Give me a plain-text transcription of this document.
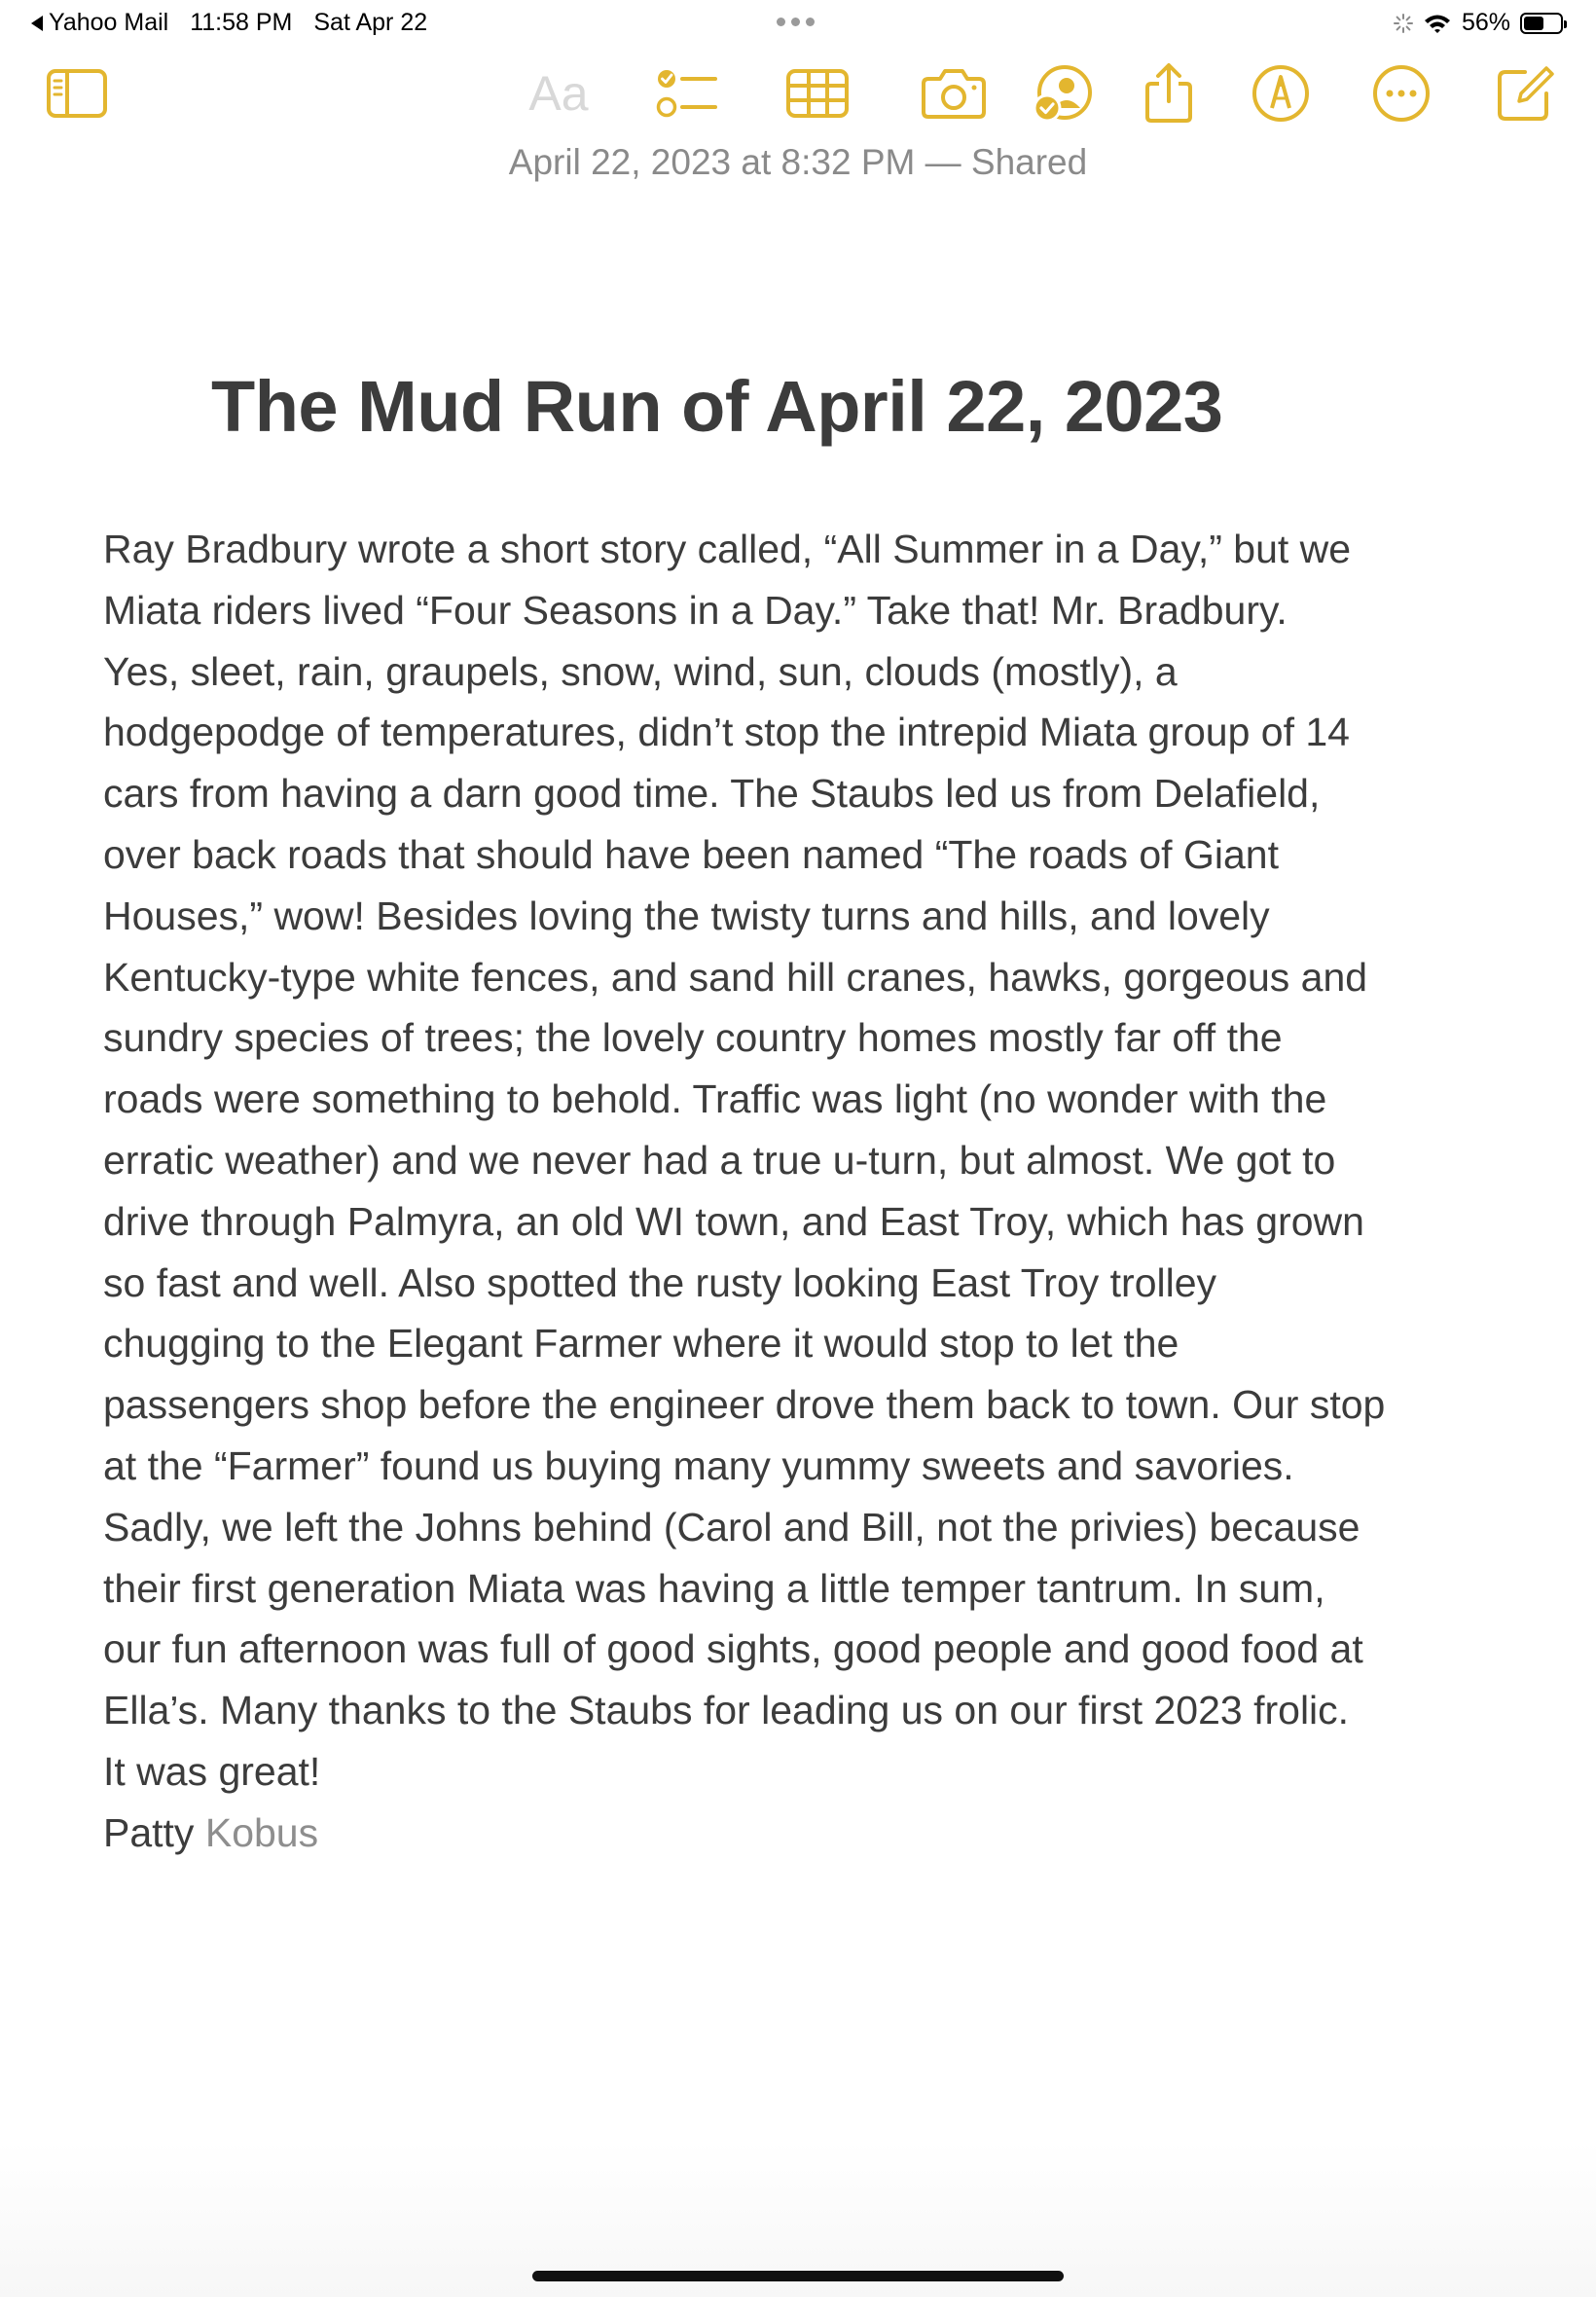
Yahoo Mail 11:58 PM Sat Apr 22	56%
Aa
April 22, 2023 at 8:32 PM — Shared
The Mud Run of April 22, 2023
Ray Bradbury wrote a short story called, “All Summer in a Day,” but we
Miata riders lived “Four Seasons in a Day.” Take that! Mr. Bradbury.
Yes, sleet, rain, graupels, snow, wind, sun, clouds (mostly), a
hodgepodge of temperatures, didn’t stop the intrepid Miata group of 14
cars from having a darn good time. The Staubs led us from Delafield,
over back roads that should have been named “The roads of Giant
Houses,” wow! Besides loving the twisty turns and hills, and lovely
Kentucky-type white fences, and sand hill cranes, hawks, gorgeous and
sundry species of trees; the lovely country homes mostly far off the
roads were something to behold. Traffic was light (no wonder with the
erratic weather) and we never had a true u-turn, but almost. We got to
drive through Palmyra, an old WI town, and East Troy, which has grown
so fast and well. Also spotted the rusty looking East Troy trolley
chugging to the Elegant Farmer where it would stop to let the
passengers shop before the engineer drove them back to town. Our stop
at the “Farmer” found us buying many yummy sweets and savories.
Sadly, we left the Johns behind (Carol and Bill, not the privies) because
their first generation Miata was having a little temper tantrum. In sum,
our fun afternoon was full of good sights, good people and good food at
Ella’s. Many thanks to the Staubs for leading us on our first 2023 frolic.
It was great!
Patty Kobus
